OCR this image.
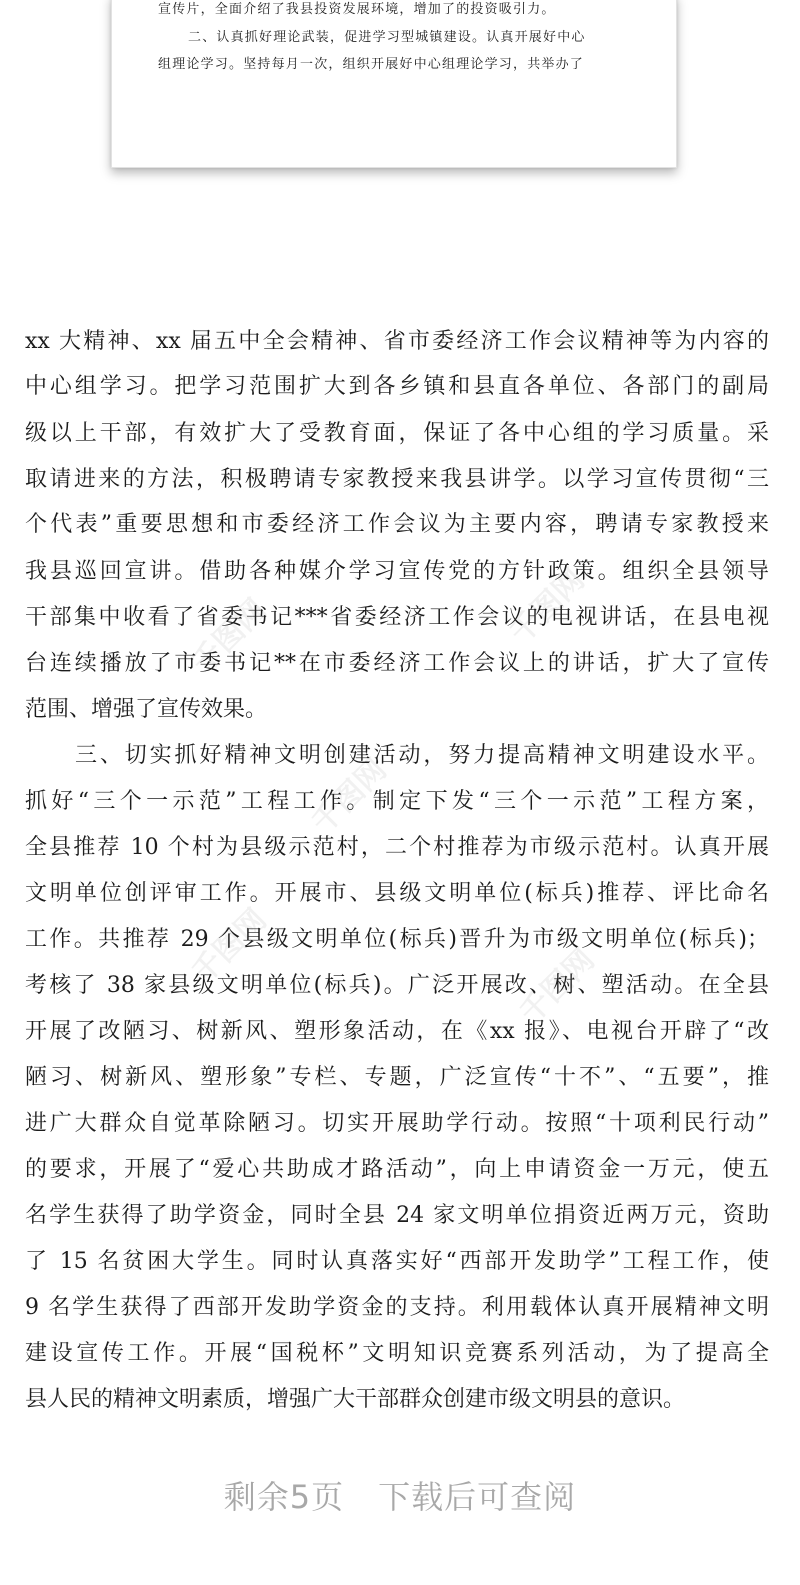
宣传片，全面介绍了我县投资发展环境，增加了的投资吸引力。
二、认真抓好理论武装，促进学习型城镇建设。认真开展好中心
组理论学习。坚持每月一次，组织开展好中心组理论学习，共举办了
千图网
千图网
千图网
千图网
千图网
xx 大精神、xx 届五中全会精神、省市委经济工作会议精神等为内容的
中心组学习。把学习范围扩大到各乡镇和县直各单位、各部门的副局
级以上干部，有效扩大了受教育面，保证了各中心组的学习质量。采
取请进来的方法，积极聘请专家教授来我县讲学。以学习宣传贯彻“三
个代表”重要思想和市委经济工作会议为主要内容，聘请专家教授来
我县巡回宣讲。借助各种媒介学习宣传党的方针政策。组织全县领导
干部集中收看了省委书记***省委经济工作会议的电视讲话，在县电视
台连续播放了市委书记**在市委经济工作会议上的讲话，扩大了宣传
范围、增强了宣传效果。
三、切实抓好精神文明创建活动，努力提高精神文明建设水平。
抓好“三个一示范”工程工作。制定下发“三个一示范”工程方案，
全县推荐 10 个村为县级示范村，二个村推荐为市级示范村。认真开展
文明单位创评审工作。开展市、县级文明单位(标兵)推荐、评比命名
工作。共推荐 29 个县级文明单位(标兵)晋升为市级文明单位(标兵)；
考核了 38 家县级文明单位(标兵)。广泛开展改、树、塑活动。在全县
开展了改陋习、树新风、塑形象活动，在《xx 报》、电视台开辟了“改
陋习、树新风、塑形象”专栏、专题，广泛宣传“十不”、“五要”，推
进广大群众自觉革除陋习。切实开展助学行动。按照“十项利民行动”
的要求，开展了“爱心共助成才路活动”，向上申请资金一万元，使五
名学生获得了助学资金，同时全县 24 家文明单位捐资近两万元，资助
了 15 名贫困大学生。同时认真落实好“西部开发助学”工程工作，使
9 名学生获得了西部开发助学资金的支持。利用载体认真开展精神文明
建设宣传工作。开展“国税杯”文明知识竞赛系列活动，为了提高全
县人民的精神文明素质，增强广大干部群众创建市级文明县的意识。
剩余5页 下载后可查阅
